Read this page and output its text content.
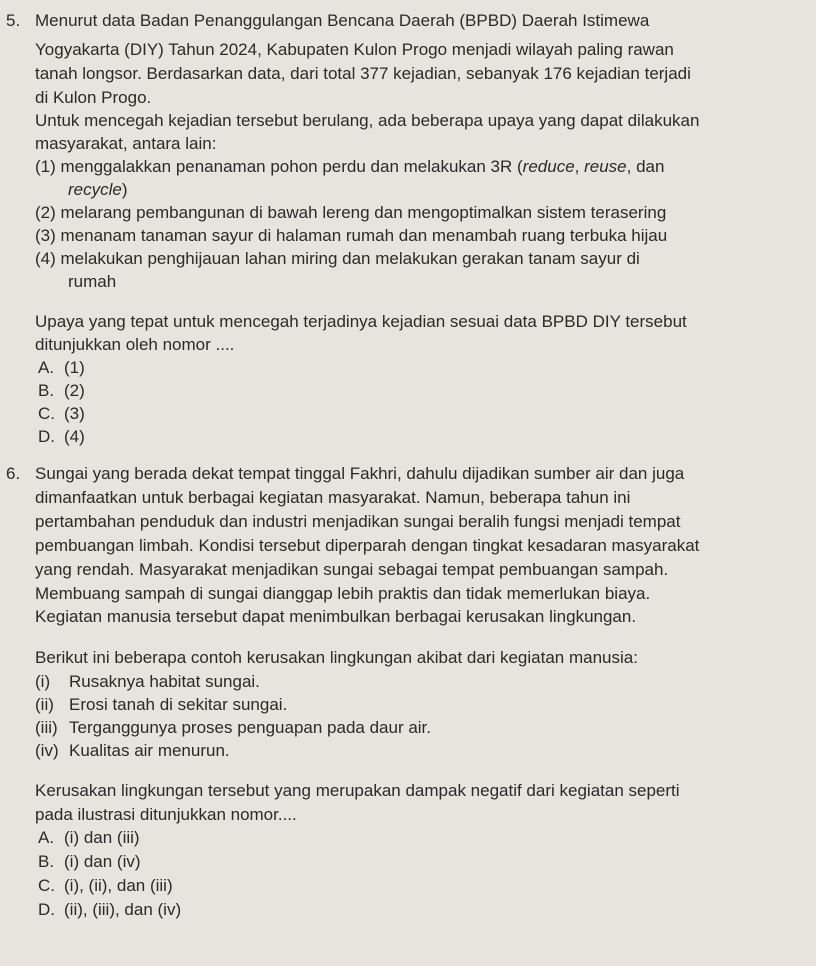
5. Menurut data Badan Penanggulangan Bencana Daerah (BPBD) Daerah Istimewa
Yogyakarta (DIY) Tahun 2024, Kabupaten Kulon Progo menjadi wilayah paling rawan
tanah longsor. Berdasarkan data, dari total 377 kejadian, sebanyak 176 kejadian terjadi
di Kulon Progo.
Untuk mencegah kejadian tersebut berulang, ada beberapa upaya yang dapat dilakukan
masyarakat, antara lain:
(1) menggalakkan penanaman pohon perdu dan melakukan 3R (reduce, reuse, dan
recycle)
(2) melarang pembangunan di bawah lereng dan mengoptimalkan sistem terasering
(3) menanam tanaman sayur di halaman rumah dan menambah ruang terbuka hijau
(4) melakukan penghijauan lahan miring dan melakukan gerakan tanam sayur di
rumah
Upaya yang tepat untuk mencegah terjadinya kejadian sesuai data BPBD DIY tersebut
ditunjukkan oleh nomor ....
A. (1)
B. (2)
C. (3)
D. (4)
6. Sungai yang berada dekat tempat tinggal Fakhri, dahulu dijadikan sumber air dan juga
dimanfaatkan untuk berbagai kegiatan masyarakat. Namun, beberapa tahun ini
pertambahan penduduk dan industri menjadikan sungai beralih fungsi menjadi tempat
pembuangan limbah. Kondisi tersebut diperparah dengan tingkat kesadaran masyarakat
yang rendah. Masyarakat menjadikan sungai sebagai tempat pembuangan sampah.
Membuang sampah di sungai dianggap lebih praktis dan tidak memerlukan biaya.
Kegiatan manusia tersebut dapat menimbulkan berbagai kerusakan lingkungan.
Berikut ini beberapa contoh kerusakan lingkungan akibat dari kegiatan manusia:
(i) Rusaknya habitat sungai.
(ii) Erosi tanah di sekitar sungai.
(iii) Terganggunya proses penguapan pada daur air.
(iv) Kualitas air menurun.
Kerusakan lingkungan tersebut yang merupakan dampak negatif dari kegiatan seperti
pada ilustrasi ditunjukkan nomor....
A. (i) dan (iii)
B. (i) dan (iv)
C. (i), (ii), dan (iii)
D. (ii), (iii), dan (iv)
